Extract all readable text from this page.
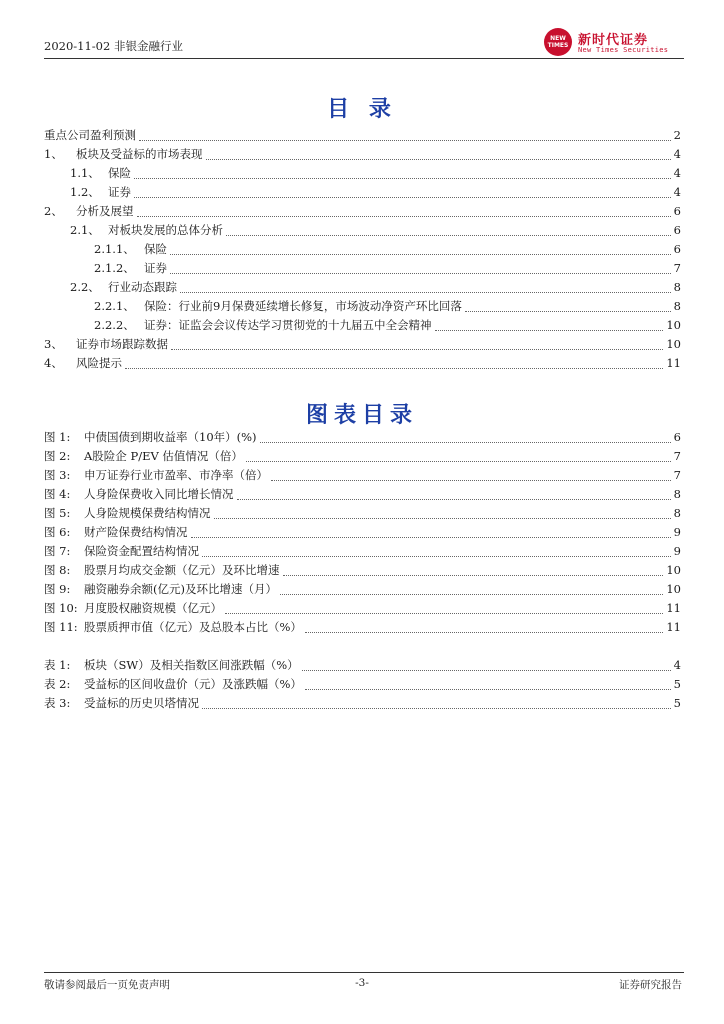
2020-11-02 非银金融行业
NEW TIMES 新时代证券
New Times Securities
目 录
重点公司盈利预测	2
1、	板块及受益标的市场表现	4
1.1、 保险	4
1.2、 证券	4
2、	分析及展望	6
2.1、 对板块发展的总体分析	6
2.1.1、 保险	6
2.1.2、 证券	7
2.2、 行业动态跟踪	8
2.2.1、 保险：行业前9月保费延续增长修复，市场波动净资产环比回落	8
2.2.2、 证券：证监会会议传达学习贯彻党的十九届五中全会精神	10
3、	证券市场跟踪数据	10
4、	风险提示	11
图表目录
图 1:	中债国债到期收益率（10年）(%)	6
图 2:	A股险企 P/EV 估值情况（倍）	7
图 3:	申万证券行业市盈率、市净率（倍）	7
图 4:	人身险保费收入同比增长情况	8
图 5:	人身险规模保费结构情况	8
图 6:	财产险保费结构情况	9
图 7:	保险资金配置结构情况	9
图 8:	股票月均成交金额（亿元）及环比增速	10
图 9:	融资融券余额(亿元)及环比增速（月）	10
图 10: 月度股权融资规模（亿元）	11
图 11: 股票质押市值（亿元）及总股本占比（%）	11
表 1:	板块（SW）及相关指数区间涨跌幅（%）	4
表 2:	受益标的区间收盘价（元）及涨跌幅（%）	5
表 3:	受益标的历史贝塔情况	5
敬请参阅最后一页免责声明	-3-	证券研究报告
